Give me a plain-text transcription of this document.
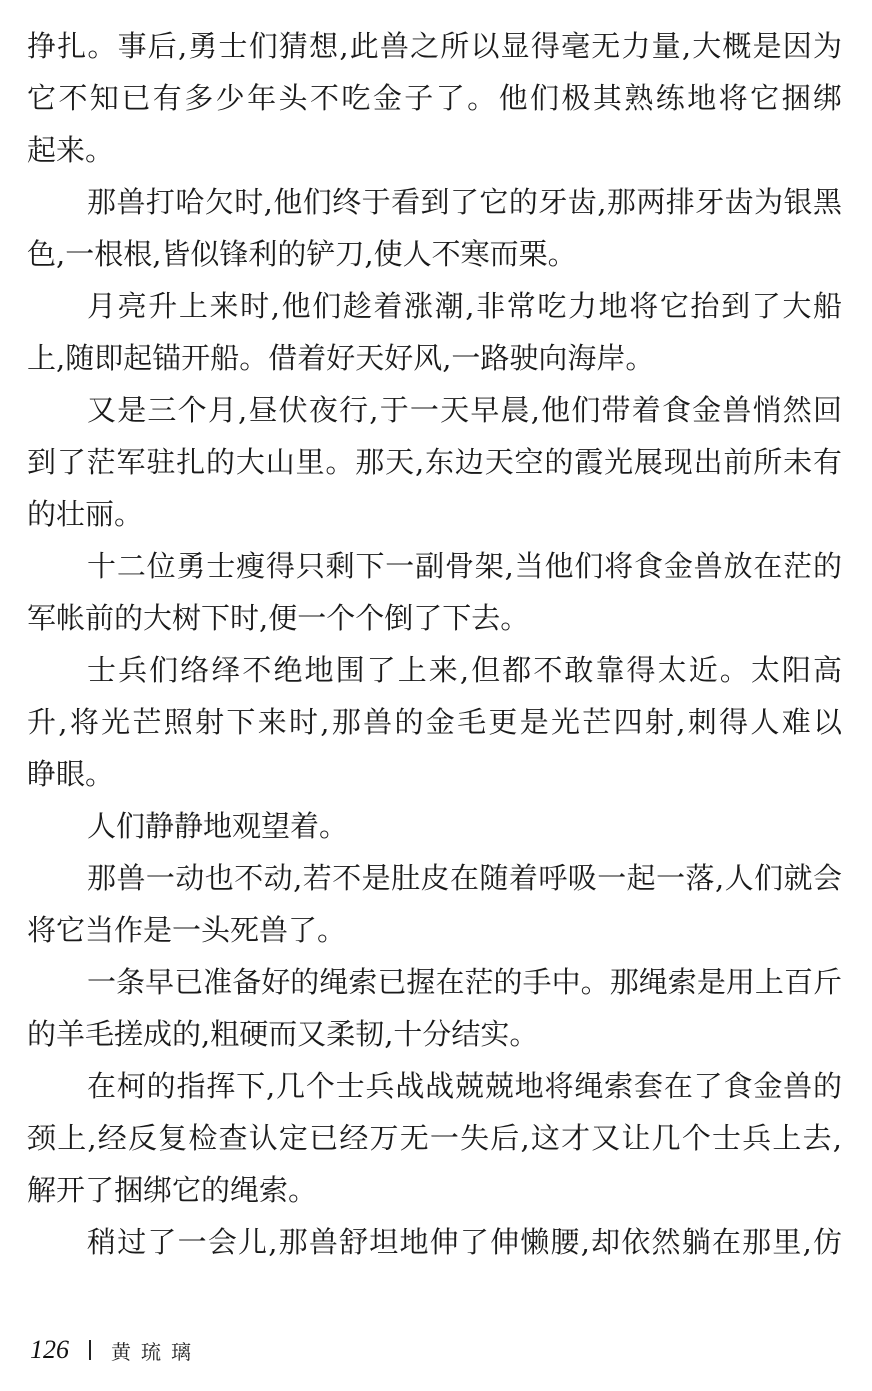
挣扎。事后,勇士们猜想,此兽之所以显得毫无力量,大概是因为
它不知已有多少年头不吃金子了。他们极其熟练地将它捆绑
起来。
那兽打哈欠时,他们终于看到了它的牙齿,那两排牙齿为银黑
色,一根根,皆似锋利的铲刀,使人不寒而栗。
月亮升上来时,他们趁着涨潮,非常吃力地将它抬到了大船
上,随即起锚开船。借着好天好风,一路驶向海岸。
又是三个月,昼伏夜行,于一天早晨,他们带着食金兽悄然回
到了茫军驻扎的大山里。那天,东边天空的霞光展现出前所未有
的壮丽。
十二位勇士瘦得只剩下一副骨架,当他们将食金兽放在茫的
军帐前的大树下时,便一个个倒了下去。
士兵们络绎不绝地围了上来,但都不敢靠得太近。太阳高
升,将光芒照射下来时,那兽的金毛更是光芒四射,刺得人难以
睁眼。
人们静静地观望着。
那兽一动也不动,若不是肚皮在随着呼吸一起一落,人们就会
将它当作是一头死兽了。
一条早已准备好的绳索已握在茫的手中。那绳索是用上百斤
的羊毛搓成的,粗硬而又柔韧,十分结实。
在柯的指挥下,几个士兵战战兢兢地将绳索套在了食金兽的
颈上,经反复检查认定已经万无一失后,这才又让几个士兵上去,
解开了捆绑它的绳索。
稍过了一会儿,那兽舒坦地伸了伸懒腰,却依然躺在那里,仿
126 黄琉璃
